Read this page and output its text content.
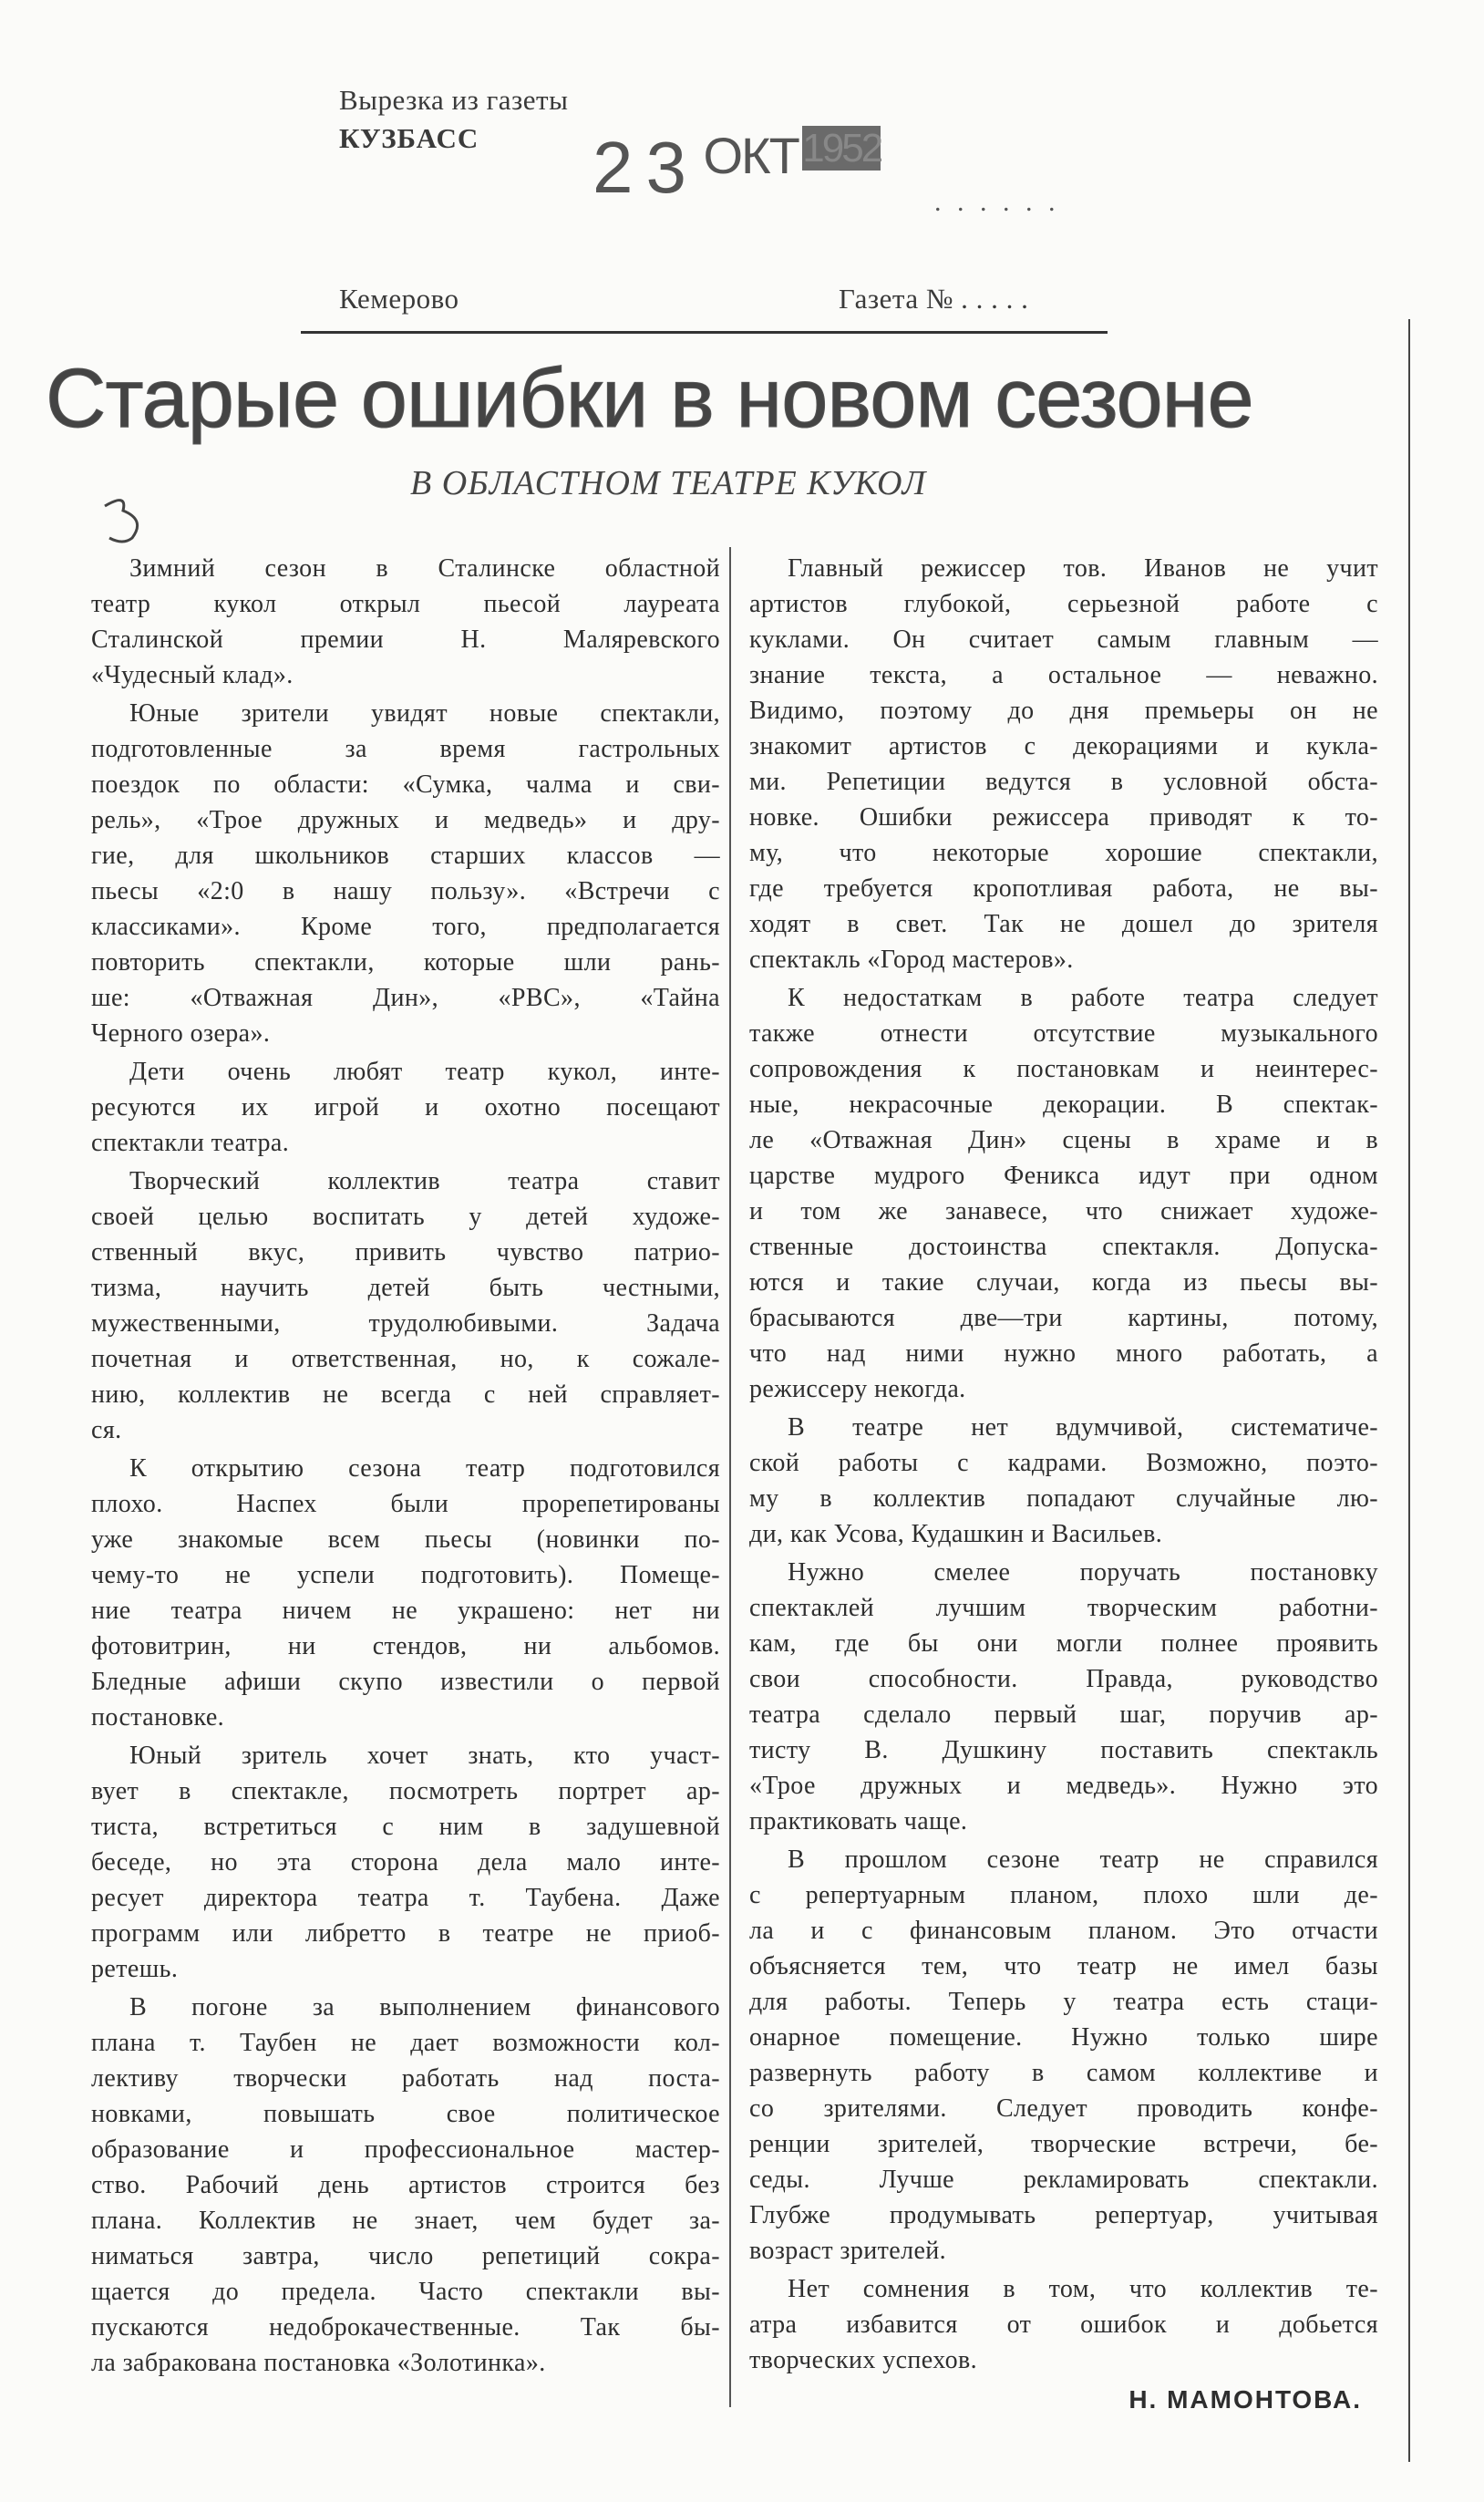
Вырезка из газеты
КУЗБАСС 23 ОКТ 1952
. . . . . .
Кемерово	Газета № . . . . .
Старые ошибки в новом сезоне
В ОБЛАСТНОМ ТЕАТРЕ КУКОЛ
Зимний сезон в Сталинске областной
театр кукол открыл пьесой лауреата
Сталинской премии Н. Маляревского
«Чудесный клад».
Юные зрители увидят новые спектакли,
подготовленные за время гастрольных
поездок по области: «Сумка, чалма и сви-
рель», «Трое дружных и медведь» и дру-
гие, для школьников старших классов —
пьесы «2:0 в нашу пользу». «Встречи с
классиками». Кроме того, предполагается
повторить спектакли, которые шли рань-
ше: «Отважная Дин», «РВС», «Тайна
Черного озера».
Дети очень любят театр кукол, инте-
ресуются их игрой и охотно посещают
спектакли театра.
Творческий коллектив театра ставит
своей целью воспитать у детей художе-
ственный вкус, привить чувство патрио-
тизма, научить детей быть честными,
мужественными, трудолюбивыми. Задача
почетная и ответственная, но, к сожале-
нию, коллектив не всегда с ней справляет-
ся.
К открытию сезона театр подготовился
плохо. Наспех были прорепетированы
уже знакомые всем пьесы (новинки по-
чему-то не успели подготовить). Помеще-
ние театра ничем не украшено: нет ни
фотовитрин, ни стендов, ни альбомов.
Бледные афиши скупо известили о первой
постановке.
Юный зритель хочет знать, кто участ-
вует в спектакле, посмотреть портрет ар-
тиста, встретиться с ним в задушевной
беседе, но эта сторона дела мало инте-
ресует директора театра т. Таубена. Даже
программ или либретто в театре не приоб-
ретешь.
В погоне за выполнением финансового
плана т. Таубен не дает возможности кол-
лективу творчески работать над поста-
новками, повышать свое политическое
образование и профессиональное мастер-
ство. Рабочий день артистов строится без
плана. Коллектив не знает, чем будет за-
ниматься завтра, число репетиций сокра-
щается до предела. Часто спектакли вы-
пускаются недоброкачественные. Так бы-
ла забракована постановка «Золотинка».
Главный режиссер тов. Иванов не учит
артистов глубокой, серьезной работе с
куклами. Он считает самым главным —
знание текста, а остальное — неважно.
Видимо, поэтому до дня премьеры он не
знакомит артистов с декорациями и кукла-
ми. Репетиции ведутся в условной обста-
новке. Ошибки режиссера приводят к то-
му, что некоторые хорошие спектакли,
где требуется кропотливая работа, не вы-
ходят в свет. Так не дошел до зрителя
спектакль «Город мастеров».
К недостаткам в работе театра следует
также отнести отсутствие музыкального
сопровождения к постановкам и неинтерес-
ные, некрасочные декорации. В спектак-
ле «Отважная Дин» сцены в храме и в
царстве мудрого Феникса идут при одном
и том же занавесе, что снижает художе-
ственные достоинства спектакля. Допуска-
ются и такие случаи, когда из пьесы вы-
брасываются две—три картины, потому,
что над ними нужно много работать, а
режиссеру некогда.
В театре нет вдумчивой, систематиче-
ской работы с кадрами. Возможно, поэто-
му в коллектив попадают случайные лю-
ди, как Усова, Кудашкин и Васильев.
Нужно смелее поручать постановку
спектаклей лучшим творческим работни-
кам, где бы они могли полнее проявить
свои способности. Правда, руководство
театра сделало первый шаг, поручив ар-
тисту В. Душкину поставить спектакль
«Трое дружных и медведь». Нужно это
практиковать чаще.
В прошлом сезоне театр не справился
с репертуарным планом, плохо шли де-
ла и с финансовым планом. Это отчасти
объясняется тем, что театр не имел базы
для работы. Теперь у театра есть стаци-
онарное помещение. Нужно только шире
развернуть работу в самом коллективе и
со зрителями. Следует проводить конфе-
ренции зрителей, творческие встречи, бе-
седы. Лучше рекламировать спектакли.
Глубже продумывать репертуар, учитывая
возраст зрителей.
Нет сомнения в том, что коллектив те-
атра избавится от ошибок и добьется
творческих успехов.
Н. МАМОНТОВА.
